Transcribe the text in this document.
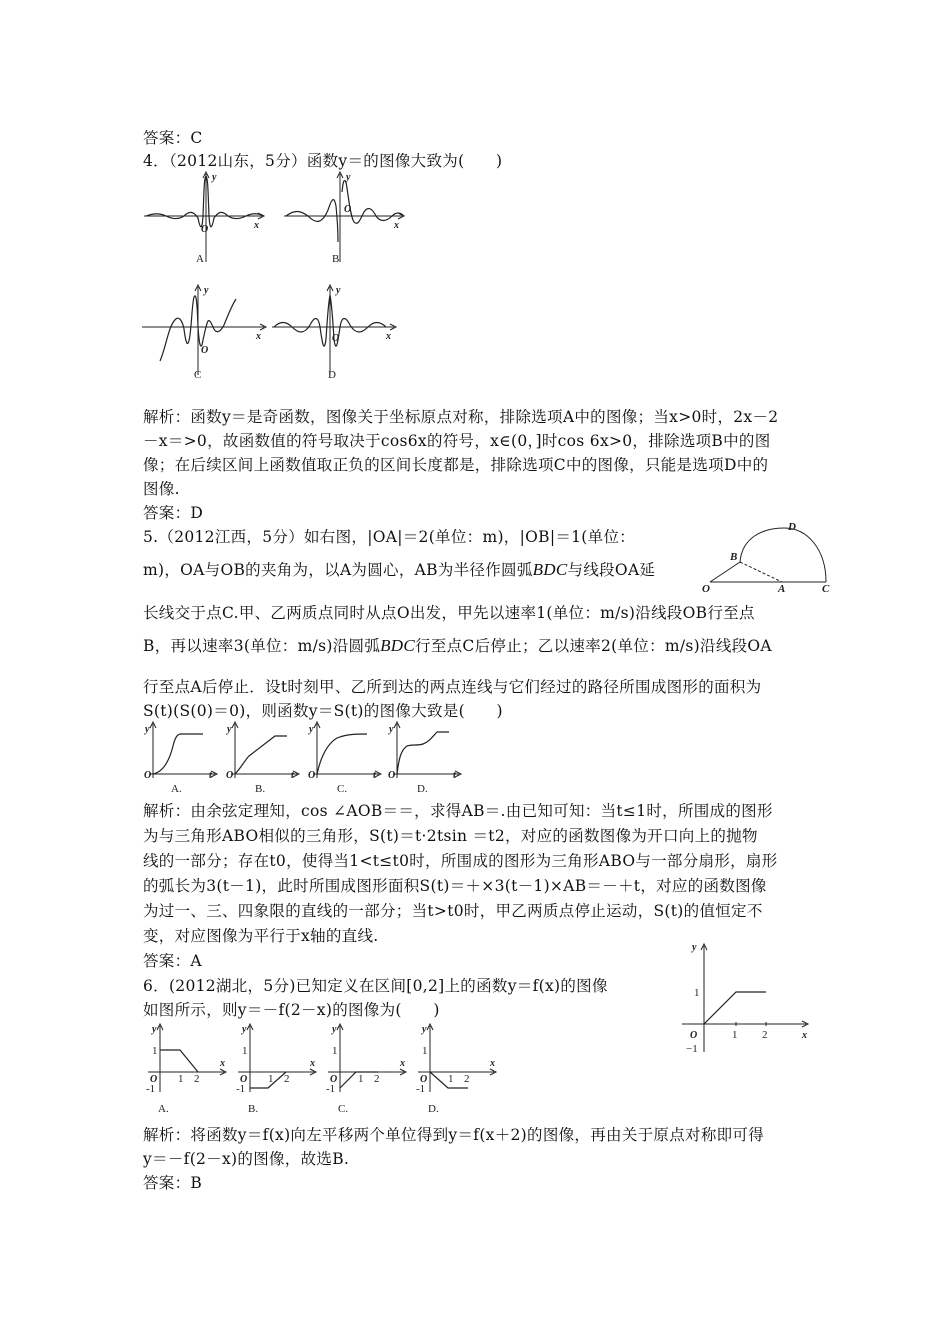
答案：C
4．（2012山东，5分）函数y＝的图像大致为(　　)
y
x
O
A
y
x
O
B
y
x
O
C
y
x
O
D
解析：函数y＝是奇函数，图像关于坐标原点对称，排除选项A中的图像；当x>0时，2x－2
－x＝>0，故函数值的符号取决于cos6x的符号，x∈(0，]时cos 6x>0，排除选项B中的图
像；在后续区间上函数值取正负的区间长度都是，排除选项C中的图像，只能是选项D中的
图像.
答案：D
5.（2012江西，5分）如右图，|OA|＝2(单位：m)，|OB|＝1(单位：
m)，OA与OB的夹角为，以A为圆心，AB为半径作圆弧BDC与线段OA延
长线交于点C.甲、乙两质点同时从点O出发，甲先以速率1(单位：m/s)沿线段OB行至点
B，再以速率3(单位：m/s)沿圆弧BDC行至点C后停止；乙以速率2(单位：m/s)沿线段OA
行至点A后停止．设t时刻甲、乙所到达的两点连线与它们经过的路径所围成图形的面积为
S(t)(S(0)＝0)，则函数y＝S(t)的图像大致是(　　)
O	A
B
C
D
y
O	t
A.
y
O	t
B.
y
O	t
C.
y
O	t
D.
解析：由余弦定理知，cos ∠AOB＝＝，求得AB＝.由已知可知：当t≤1时，所围成的图形
为与三角形ABO相似的三角形，S(t)＝t·2tsin ＝t2，对应的函数图像为开口向上的抛物
线的一部分；存在t0，使得当1<t≤t0时，所围成的图形为三角形ABO与一部分扇形，扇形
的弧长为3(t－1)，此时所围成图形面积S(t)＝＋×3(t－1)×AB＝－＋t，对应的函数图像
为过一、三、四象限的直线的一部分；当t>t0时，甲乙两质点停止运动，S(t)的值恒定不
变，对应图像为平行于x轴的直线.
答案：A
6．(2012湖北，5分)已知定义在区间[0,2]上的函数y＝f(x)的图像
如图所示，则y＝－f(2－x)的图像为(　　)
y
x
O
1
1 2
−1
y
x
O
1
1 2
-1
A.
y
x
O
1
1 2
-1
B.
y
x
O
1
1 2
-1
C.
y
x
O
1
1 2
-1
D.
解析：将函数y＝f(x)向左平移两个单位得到y＝f(x＋2)的图像，再由关于原点对称即可得
y＝－f(2－x)的图像，故选B.
答案：B
